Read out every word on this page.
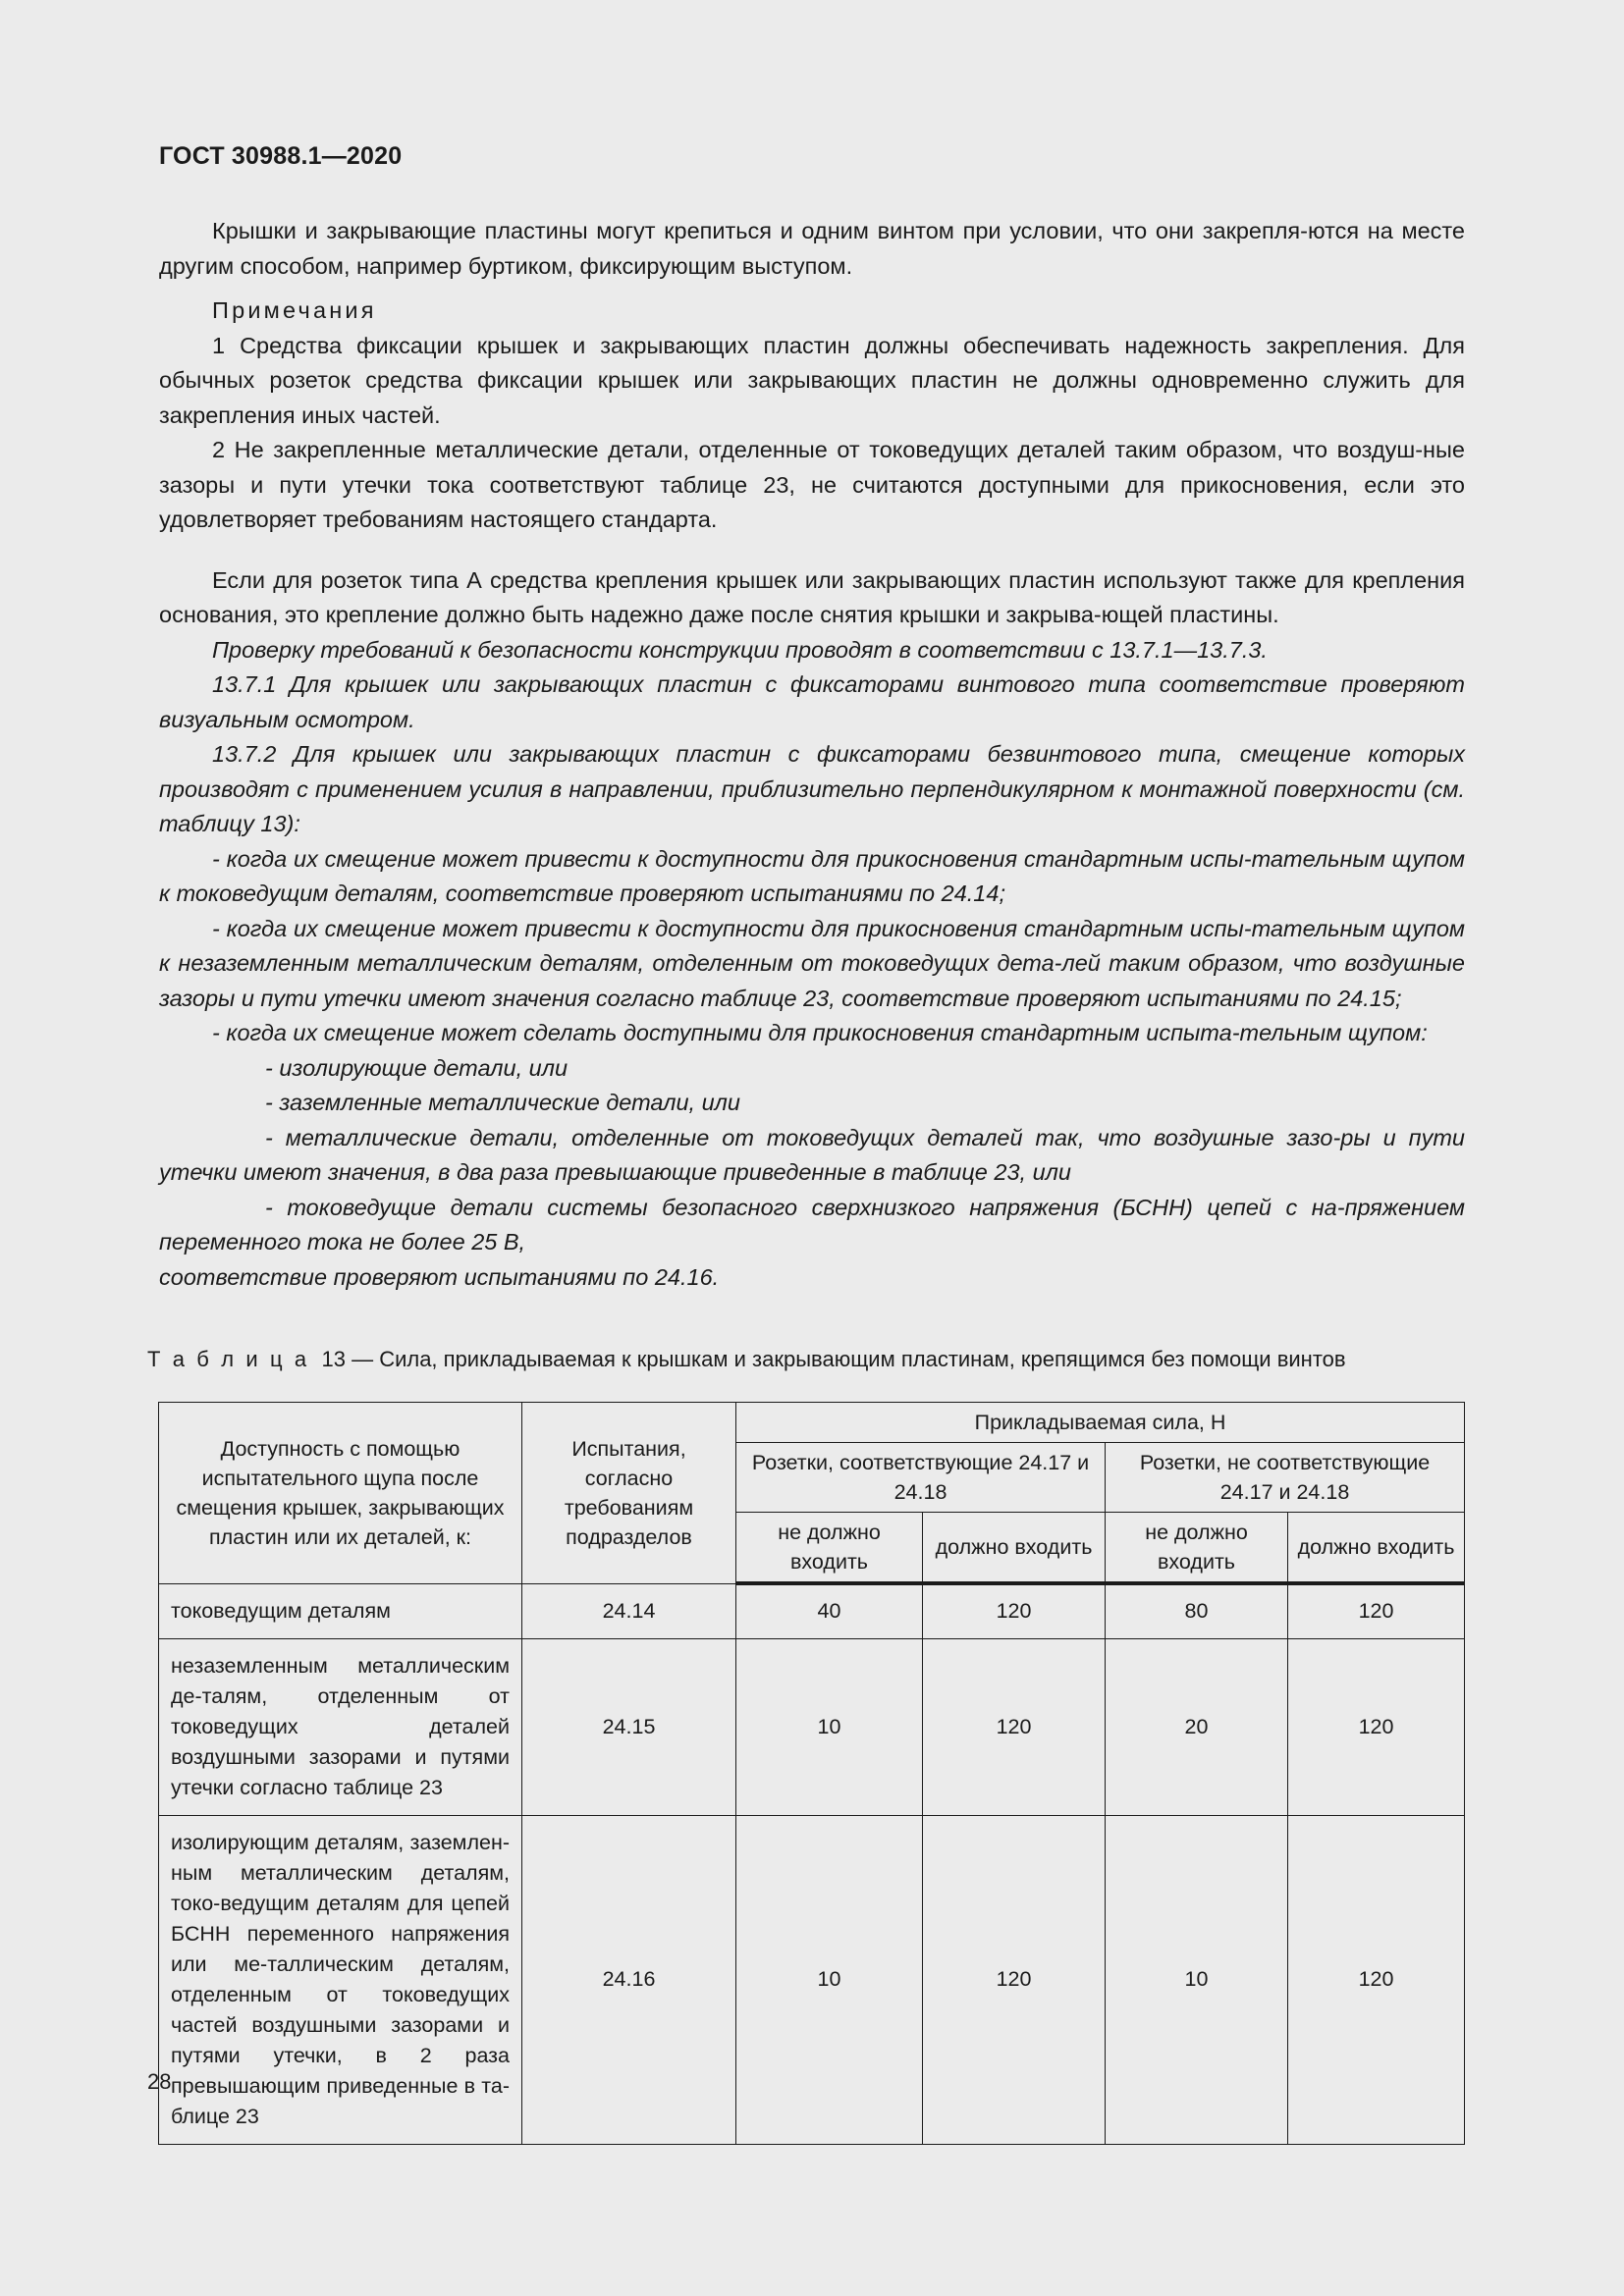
ГОСТ 30988.1—2020

Крышки и закрывающие пластины могут крепиться и одним винтом при условии, что они закрепля-ются на месте другим способом, например буртиком, фиксирующим выступом.

Примечания

1 Средства фиксации крышек и закрывающих пластин должны обеспечивать надежность закрепления. Для обычных розеток средства фиксации крышек или закрывающих пластин не должны одновременно служить для закрепления иных частей.

2 Не закрепленные металлические детали, отделенные от токоведущих деталей таким образом, что воздуш-ные зазоры и пути утечки тока соответствуют таблице 23, не считаются доступными для прикосновения, если это удовлетворяет требованиям настоящего стандарта.

Если для розеток типа А средства крепления крышек или закрывающих пластин используют также для крепления основания, это крепление должно быть надежно даже после снятия крышки и закрыва-ющей пластины.

Проверку требований к безопасности конструкции проводят в соответствии с 13.7.1—13.7.3.

13.7.1 Для крышек или закрывающих пластин с фиксаторами винтового типа соответствие проверяют визуальным осмотром.

13.7.2 Для крышек или закрывающих пластин с фиксаторами безвинтового типа, смещение которых производят с применением усилия в направлении, приблизительно перпендикулярном к монтажной поверхности (см. таблицу 13):

- когда их смещение может привести к доступности для прикосновения стандартным испы-тательным щупом к токоведущим деталям, соответствие проверяют испытаниями по 24.14;

- когда их смещение может привести к доступности для прикосновения стандартным испы-тательным щупом к незаземленным металлическим деталям, отделенным от токоведущих дета-лей таким образом, что воздушные зазоры и пути утечки имеют значения согласно таблице 23, соответствие проверяют испытаниями по 24.15;

- когда их смещение может сделать доступными для прикосновения стандартным испыта-тельным щупом:

- изолирующие детали, или

- заземленные металлические детали, или

- металлические детали, отделенные от токоведущих деталей так, что воздушные зазо-ры и пути утечки имеют значения, в два раза превышающие приведенные в таблице 23, или

- токоведущие детали системы безопасного сверхнизкого напряжения (БСНН) цепей с на-пряжением переменного тока не более 25 В,

соответствие проверяют испытаниями по 24.16.

Т а б л и ц а 13 — Сила, прикладываемая к крышкам и закрывающим пластинам, крепящимся без помощи винтов
Доступность с помощью испытательного щупа после смещения крышек, закрывающих пластин или их деталей, к:	Испытания, согласно требованиям подразделов	Прикладываемая сила, Н			
		Розетки, соответствующие 24.17 и 24.18		Розетки, не соответствующие 24.17 и 24.18	
		не должно входить	должно входить	не должно входить	должно входить
токоведущим деталям	24.14	40	120	80	120
незаземленным металлическим де-талям, отделенным от токоведущих деталей воздушными зазорами и путями утечки согласно таблице 23	24.15	10	120	20	120
изолирующим деталям, заземлен-ным металлическим деталям, токо-ведущим деталям для цепей БСНН переменного напряжения или ме-таллическим деталям, отделенным от токоведущих частей воздушными зазорами и путями утечки, в 2 раза превышающим приведенные в та-блице 23	24.16	10	120	10	120
28
